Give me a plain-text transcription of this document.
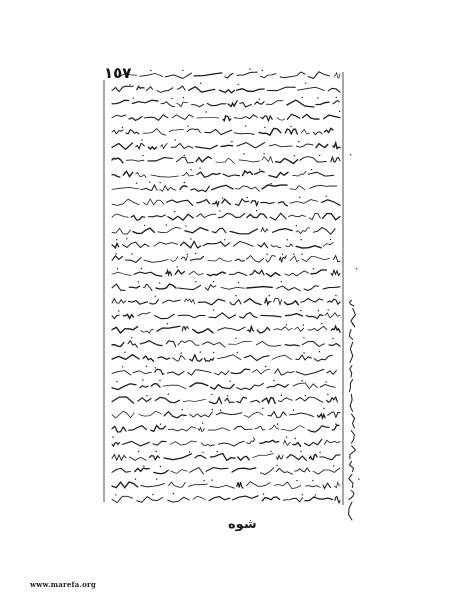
١٥٧
شوه
www.marefa.org
